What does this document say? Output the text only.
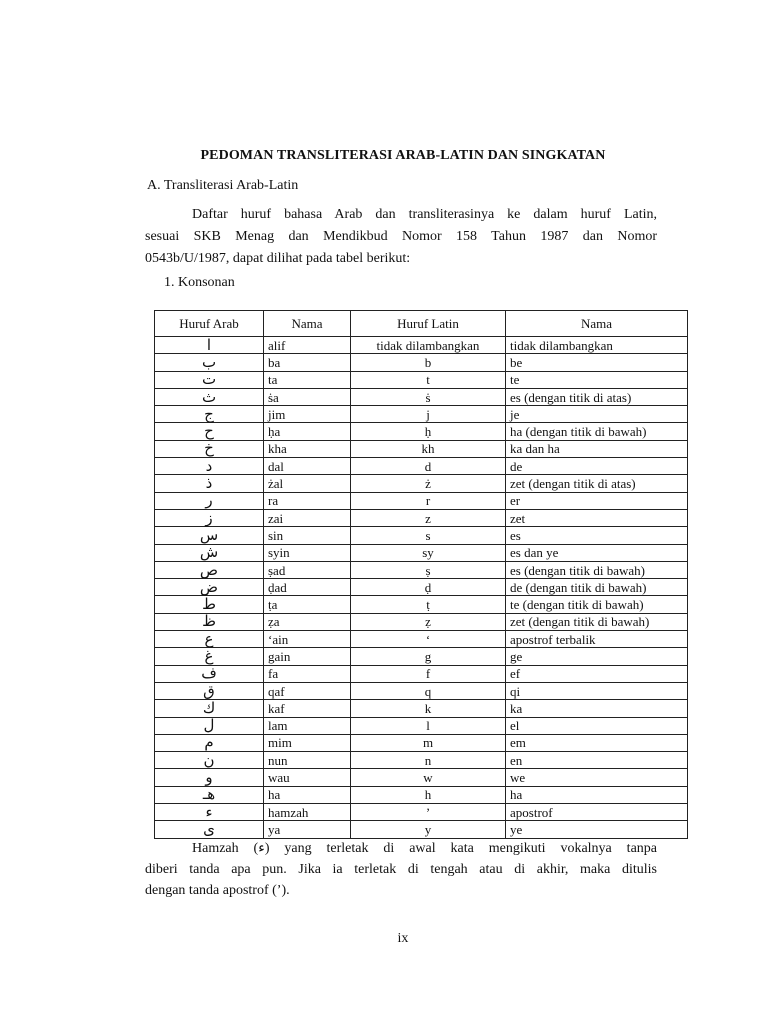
PEDOMAN TRANSLITERASI ARAB-LATIN DAN SINGKATAN
A. Transliterasi Arab-Latin
Daftar huruf bahasa Arab dan transliterasinya ke dalam huruf Latin,
sesuai SKB Menag dan Mendikbud Nomor 158 Tahun 1987 dan Nomor
0543b/U/1987, dapat dilihat pada tabel berikut:
1. Konsonan
Huruf Arab	Nama	Huruf Latin	Nama
ا	alif	tidak dilambangkan	tidak dilambangkan
ب	ba	b	be
ت	ta	t	te
ث	ṡa	ṡ	es (dengan titik di atas)
ج	jim	j	je
ح	ḥa	ḥ	ha (dengan titik di bawah)
خ	kha	kh	ka dan ha
د	dal	d	de
ذ	żal	ż	zet (dengan titik di atas)
ر	ra	r	er
ز	zai	z	zet
س	sin	s	es
ش	syin	sy	es dan ye
ص	ṣad	ṣ	es (dengan titik di bawah)
ض	ḍad	ḍ	de (dengan titik di bawah)
ط	ṭa	ṭ	te (dengan titik di bawah)
ظ	ẓa	ẓ	zet (dengan titik di bawah)
ع	‘ain	‘	apostrof terbalik
غ	gain	g	ge
ف	fa	f	ef
ق	qaf	q	qi
ك	kaf	k	ka
ل	lam	l	el
م	mim	m	em
ن	nun	n	en
و	wau	w	we
هـ	ha	h	ha
ء	hamzah	’	apostrof
ى	ya	y	ye
Hamzah (ء) yang terletak di awal kata mengikuti vokalnya tanpa
diberi tanda apa pun. Jika ia terletak di tengah atau di akhir, maka ditulis
dengan tanda apostrof (’).
ix
